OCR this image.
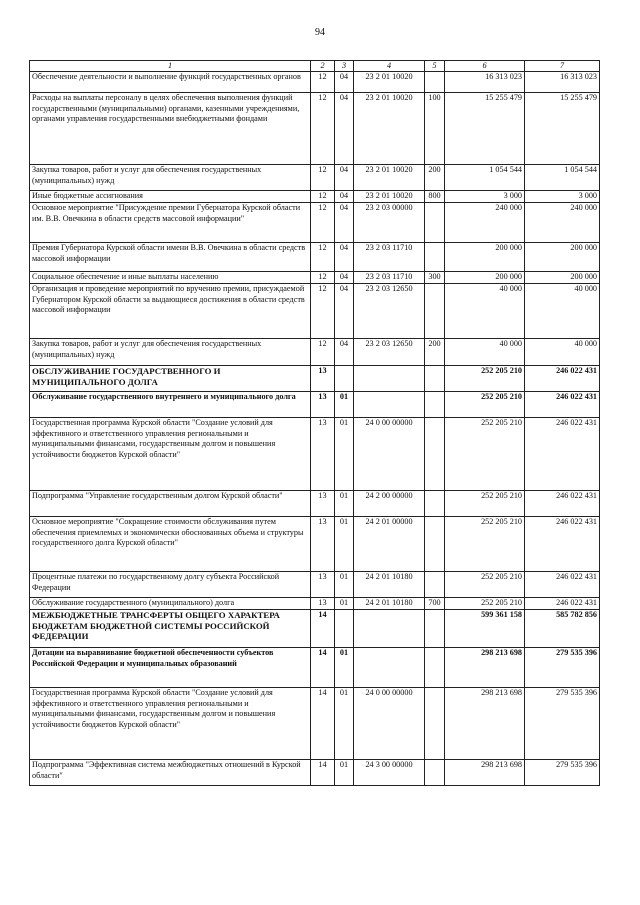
94
1	2	3	4	5	6	7
Обеспечение деятельности и выполнение функций государственных органов	12	04	23 2 01 10020		16 313 023	16 313 023
Расходы на выплаты персоналу в целях обеспечения выполнения функций государственными (муниципальными) органами, казенными учреждениями, органами управления государственными внебюджетными фондами	12	04	23 2 01 10020	100	15 255 479	15 255 479
Закупка товаров, работ и услуг для обеспечения государственных (муниципальных) нужд	12	04	23 2 01 10020	200	1 054 544	1 054 544
Иные бюджетные ассигнования	12	04	23 2 01 10020	800	3 000	3 000
Основное мероприятие "Присуждение премии Губернатора Курской области им. В.В. Овечкина в области средств массовой информации"	12	04	23 2 03 00000		240 000	240 000
Премия Губернатора Курской области имени В.В. Овечкина в области средств массовой информации	12	04	23 2 03 11710		200 000	200 000
Социальное обеспечение и иные выплаты населению	12	04	23 2 03 11710	300	200 000	200 000
Организация и проведение мероприятий по вручению премии, присуждаемой Губернатором Курской области за выдающиеся достижения в области средств массовой информации	12	04	23 2 03 12650		40 000	40 000
Закупка товаров, работ и услуг для обеспечения государственных (муниципальных) нужд	12	04	23 2 03 12650	200	40 000	40 000
ОБСЛУЖИВАНИЕ ГОСУДАРСТВЕННОГО И МУНИЦИПАЛЬНОГО ДОЛГА	13				252 205 210	246 022 431
Обслуживание государственного внутреннего и муниципального долга	13	01			252 205 210	246 022 431
Государственная программа Курской области "Создание условий для эффективного и ответственного управления региональными и муниципальными финансами, государственным долгом и повышения устойчивости бюджетов Курской области"	13	01	24 0 00 00000		252 205 210	246 022 431
Подпрограмма "Управление государственным долгом Курской области"	13	01	24 2 00 00000		252 205 210	246 022 431
Основное мероприятие "Сокращение стоимости обслуживания путем обеспечения приемлемых и экономически обоснованных объема и структуры государственного долга Курской области"	13	01	24 2 01 00000		252 205 210	246 022 431
Процентные платежи по государственному долгу субъекта Российской Федерации	13	01	24 2 01 10180		252 205 210	246 022 431
Обслуживание государственного (муниципального) долга	13	01	24 2 01 10180	700	252 205 210	246 022 431
МЕЖБЮДЖЕТНЫЕ ТРАНСФЕРТЫ ОБЩЕГО ХАРАКТЕРА БЮДЖЕТАМ БЮДЖЕТНОЙ СИСТЕМЫ РОССИЙСКОЙ ФЕДЕРАЦИИ	14				599 361 158	585 782 856
Дотации на выравнивание бюджетной обеспеченности субъектов Российской Федерации и муниципальных образований	14	01			298 213 698	279 535 396
Государственная программа Курской области "Создание условий для эффективного и ответственного управления региональными и муниципальными финансами, государственным долгом и повышения устойчивости бюджетов Курской области"	14	01	24 0 00 00000		298 213 698	279 535 396
Подпрограмма "Эффективная система межбюджетных отношений в Курской области"	14	01	24 3 00 00000		298 213 698	279 535 396
